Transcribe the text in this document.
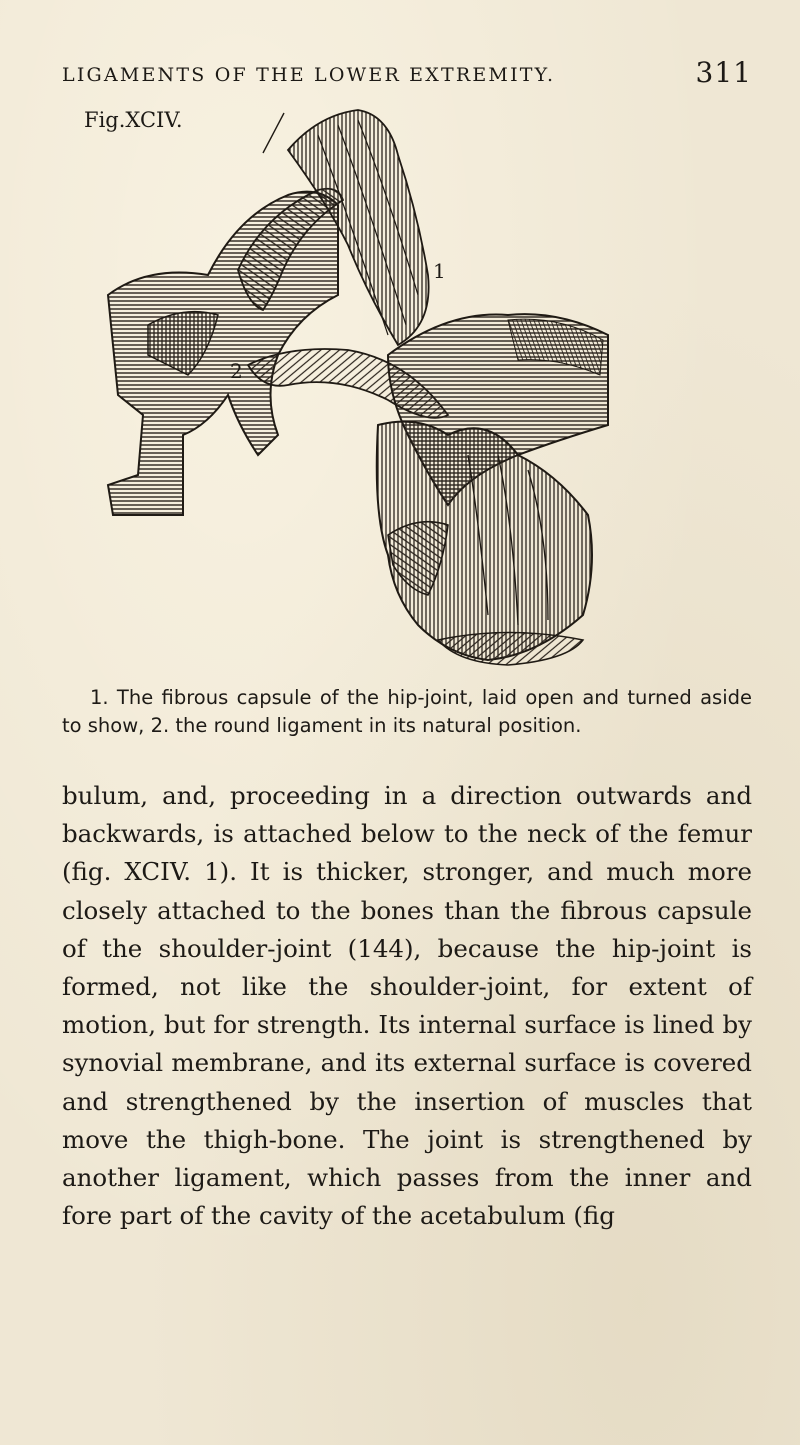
LIGAMENTS OF THE LOWER EXTREMITY.	311
1
2
Fig.XCIV.
1. The fibrous capsule of the hip-joint, laid open and turned aside to show, 2. the round ligament in its natural position.

bulum, and, proceeding in a direction outwards and backwards, is attached below to the neck of the femur (fig. XCIV. 1). It is thicker, stronger, and much more closely attached to the bones than the fibrous capsule of the shoulder-joint (144), because the hip-joint is formed, not like the shoulder-joint, for extent of motion, but for strength. Its internal surface is lined by synovial membrane, and its external surface is covered and strengthened by the insertion of muscles that move the thigh-bone. The joint is strengthened by another ligament, which passes from the inner and fore part of the cavity of the acetabulum (fig
